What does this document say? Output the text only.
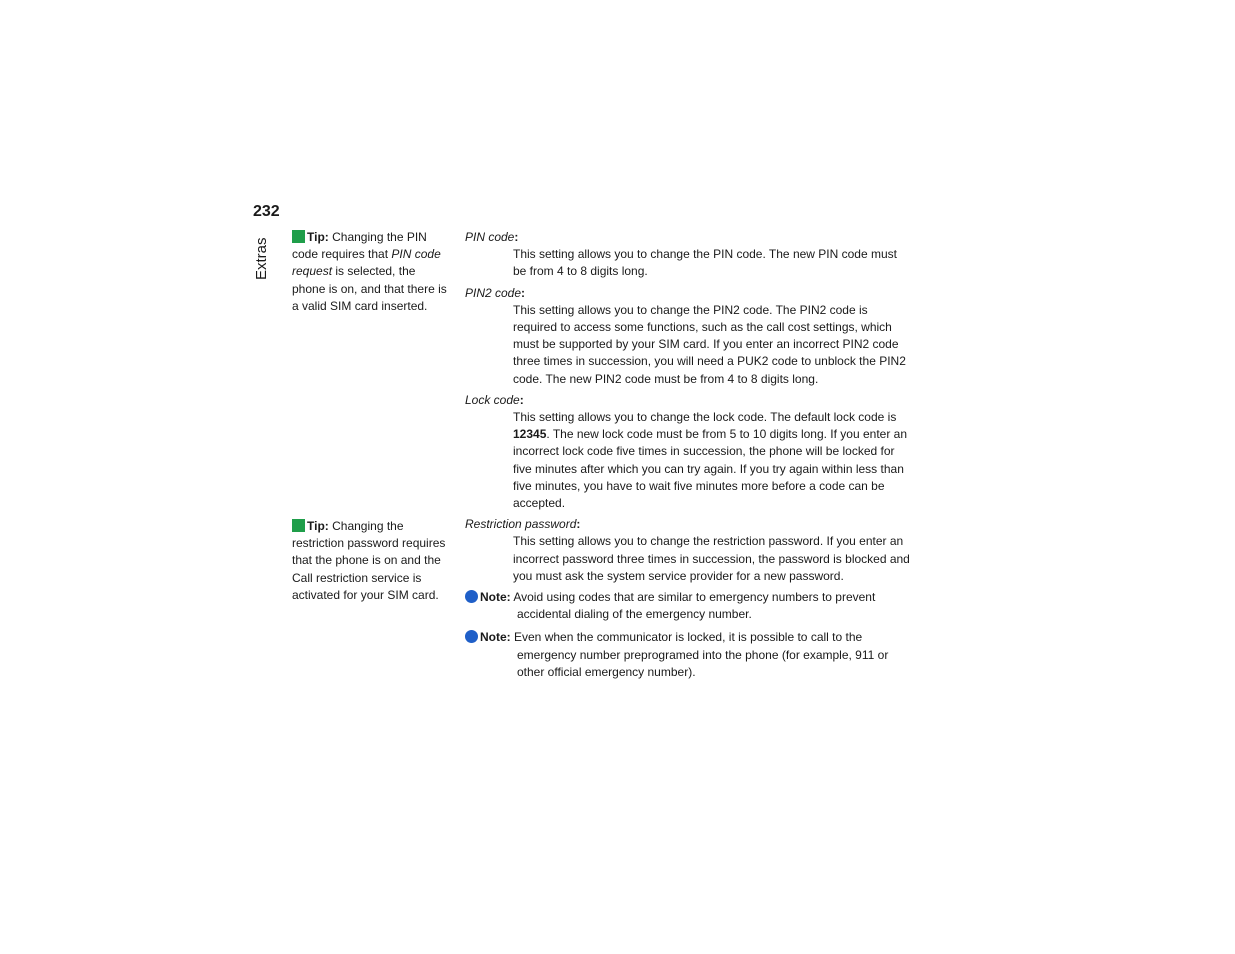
232
Extras
Tip: Changing the PIN code requires that PIN code request is selected, the phone is on, and that there is a valid SIM card inserted.
Tip: Changing the restriction password requires that the phone is on and the Call restriction service is activated for your SIM card.

PIN code:

This setting allows you to change the PIN code. The new PIN code must be from 4 to 8 digits long.

PIN2 code:

This setting allows you to change the PIN2 code. The PIN2 code is required to access some functions, such as the call cost settings, which must be supported by your SIM card. If you enter an incorrect PIN2 code three times in succession, you will need a PUK2 code to unblock the PIN2 code. The new PIN2 code must be from 4 to 8 digits long.

Lock code:

This setting allows you to change the lock code. The default lock code is 12345. The new lock code must be from 5 to 10 digits long. If you enter an incorrect lock code five times in succession, the phone will be locked for five minutes after which you can try again. If you try again within less than five minutes, you have to wait five minutes more before a code can be accepted.

Restriction password:

This setting allows you to change the restriction password. If you enter an incorrect password three times in succession, the password is blocked and you must ask the system service provider for a new password.

Note: Avoid using codes that are similar to emergency numbers to prevent accidental dialing of the emergency number.

Note: Even when the communicator is locked, it is possible to call to the emergency number preprogramed into the phone (for example, 911 or other official emergency number).
